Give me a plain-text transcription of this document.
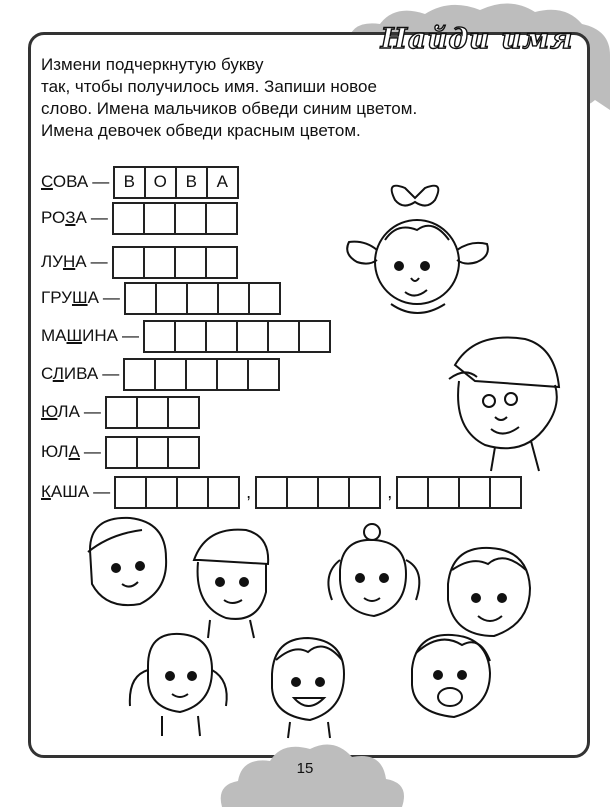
Найди имя

Измени подчеркнутую букву

так, чтобы получилось имя. Запиши новое

слово. Имена мальчиков обведи синим цветом.

Имена девочек обведи красным цветом.

СОВА — В	О	В	А
РОЗА —
ЛУНА —
ГРУША —
МАШИНА —
СЛИВА —
ЮЛА —
ЮЛА —
КАША —	,	,
15
